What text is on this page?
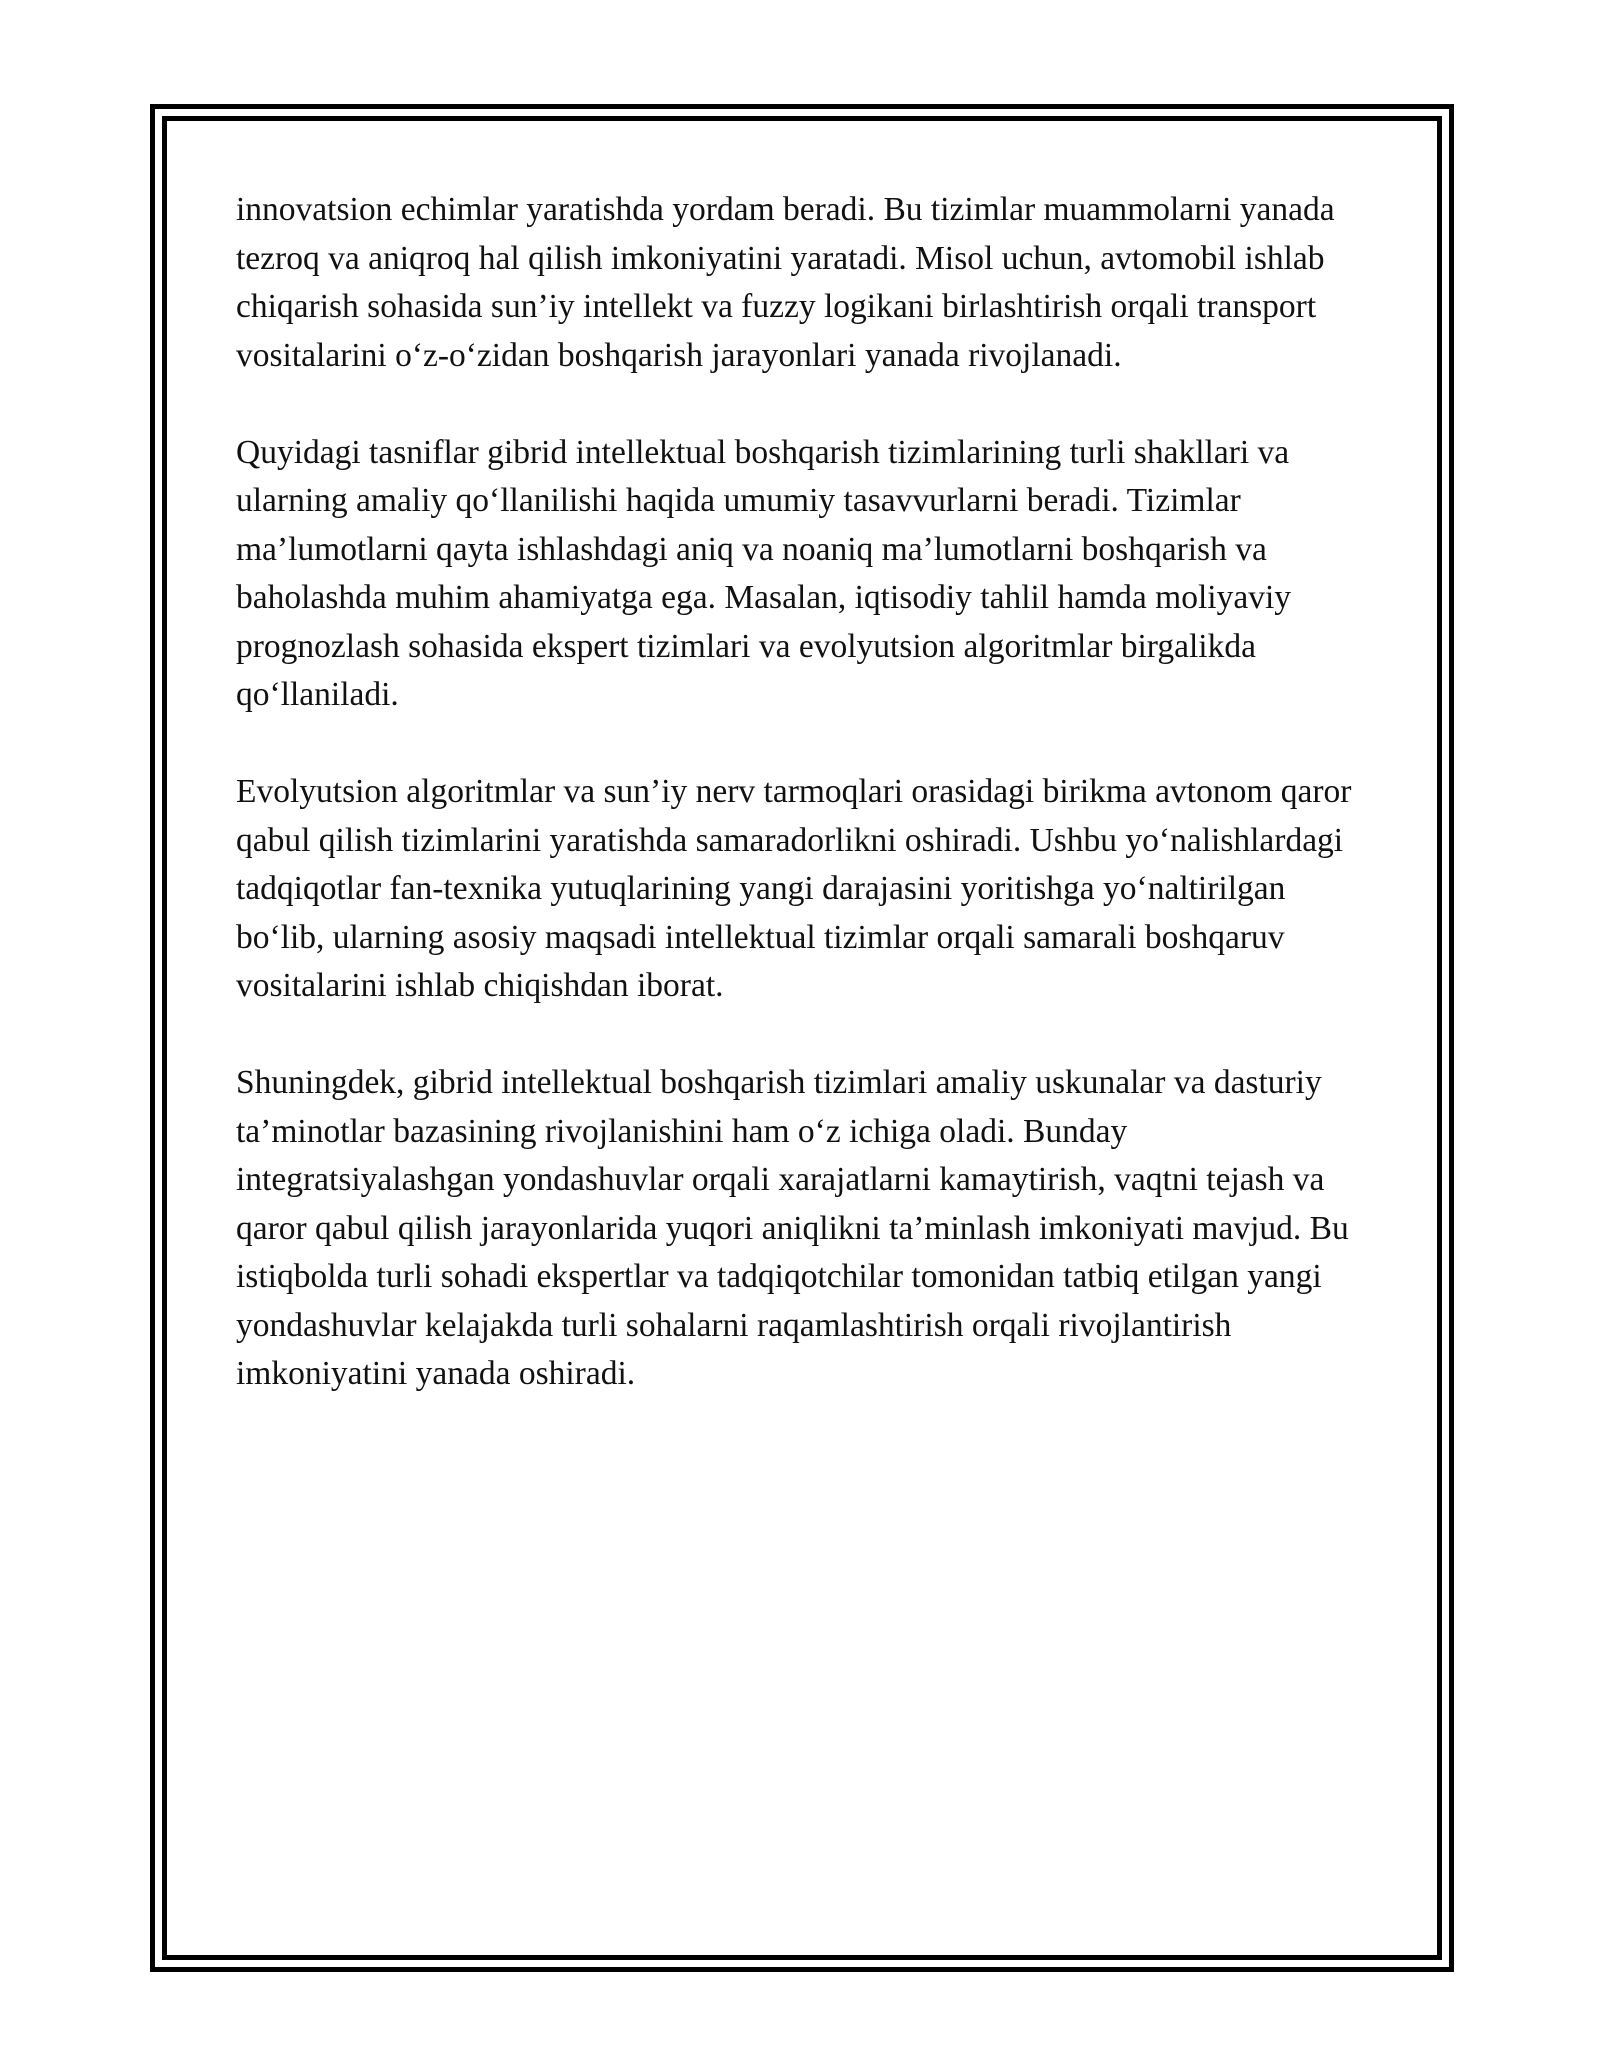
innovatsion echimlar yaratishda yordam beradi. Bu tizimlar muammolarni yanada tezroq va aniqroq hal qilish imkoniyatini yaratadi. Misol uchun, avtomobil ishlab chiqarish sohasida sun’iy intellekt va fuzzy logikani birlashtirish orqali transport vositalarini o‘z-o‘zidan boshqarish jarayonlari yanada rivojlanadi.

Quyidagi tasniflar gibrid intellektual boshqarish tizimlarining turli shakllari va ularning amaliy qo‘llanilishi haqida umumiy tasavvurlarni beradi. Tizimlar ma’lumotlarni qayta ishlashdagi aniq va noaniq ma’lumotlarni boshqarish va baholashda muhim ahamiyatga ega. Masalan, iqtisodiy tahlil hamda moliyaviy prognozlash sohasida ekspert tizimlari va evolyutsion algoritmlar birgalikda qo‘llaniladi.

Evolyutsion algoritmlar va sun’iy nerv tarmoqlari orasidagi birikma avtonom qaror qabul qilish tizimlarini yaratishda samaradorlikni oshiradi. Ushbu yo‘nalishlardagi tadqiqotlar fan-texnika yutuqlarining yangi darajasini yoritishga yo‘naltirilgan bo‘lib, ularning asosiy maqsadi intellektual tizimlar orqali samarali boshqaruv vositalarini ishlab chiqishdan iborat.

Shuningdek, gibrid intellektual boshqarish tizimlari amaliy uskunalar va dasturiy ta’minotlar bazasining rivojlanishini ham o‘z ichiga oladi. Bunday integratsiyalashgan yondashuvlar orqali xarajatlarni kamaytirish, vaqtni tejash va qaror qabul qilish jarayonlarida yuqori aniqlikni ta’minlash imkoniyati mavjud. Bu istiqbolda turli sohadi ekspertlar va tadqiqotchilar tomonidan tatbiq etilgan yangi yondashuvlar kelajakda turli sohalarni raqamlashtirish orqali rivojlantirish imkoniyatini yanada oshiradi.
